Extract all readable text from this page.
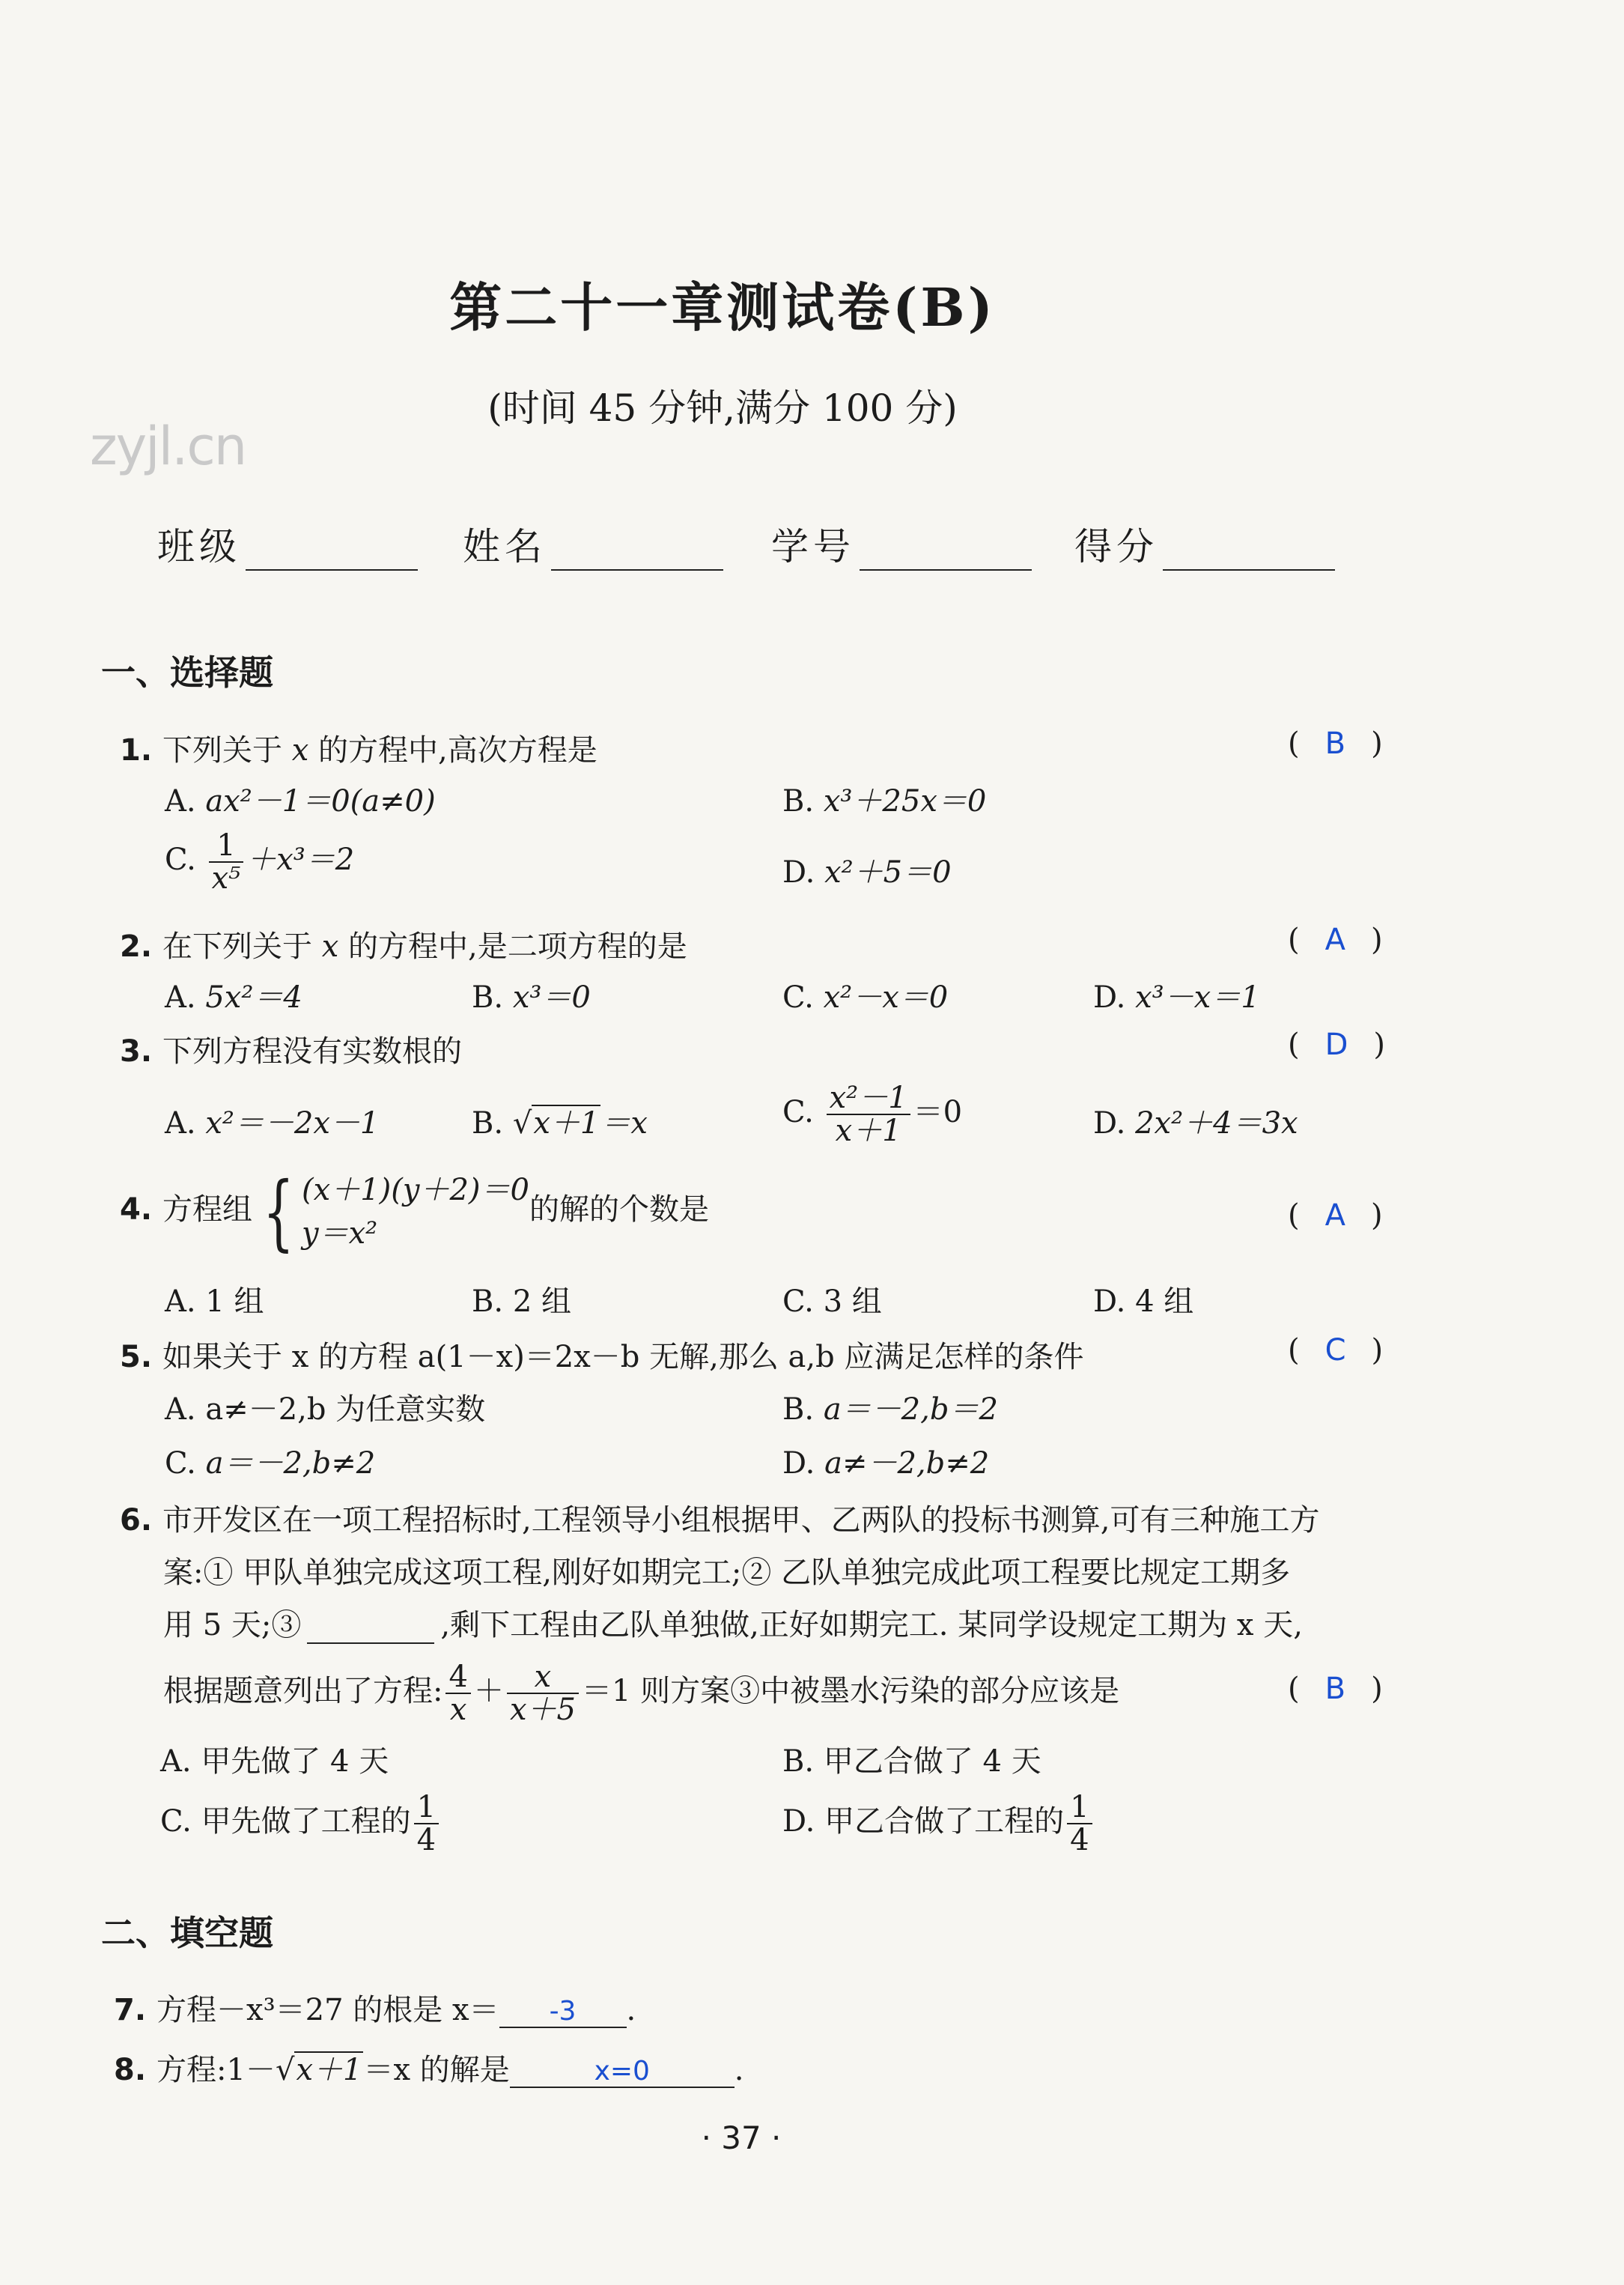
zyjl.cn
第二十一章测试卷(B)
(时间 45 分钟,满分 100 分)
班级	姓名	学号	得分
一、选择题
1. 下列关于 x 的方程中,高次方程是	( B )
A. ax²－1＝0(a≠0)	B. x³＋25x＝0
C. $\frac{1}{\text{x⁵}} +x^3=2$	D. x²＋5＝0
2. 在下列关于 x 的方程中,是二项方程的是	( A )
A. 5x²＝4	B. x³＝0	C. x²－x＝0	D. x³－x＝1
3. 下列方程没有实数根的	( D )
A. x²＝－2x－1	B. √x＋1＝x	C. $\frac{\text{x²－1}}{x+1} =0$	D. 2x²＋4＝3x
4. 方程组 { (x＋1)(y＋2)＝0
y＝x²
的解的个数是	( A )
A. 1 组	B. 2 组	C. 3 组	D. 4 组
5. 如果关于 x 的方程 a(1－x)＝2x－b 无解,那么 a,b 应满足怎样的条件	( C )
A. a≠－2,b 为任意实数	B. a＝－2,b＝2
C. a＝－2,b≠2	D. a≠－2,b≠2
6. 市开发区在一项工程招标时,工程领导小组根据甲、乙两队的投标书测算,可有三种施工方
案:① 甲队单独完成这项工程,刚好如期完工;② 乙队单独完成此项工程要比规定工期多
用 5 天;③	,剩下工程由乙队单独做,正好如期完工. 某同学设规定工期为 x 天,
根据题意列出了方程: $\frac{4}{x} + \frac{x}{x+5} =1$ 则方案③中被墨水污染的部分应该是	( B )
A. 甲先做了 4 天	B. 甲乙合做了 4 天
C. 甲先做了工程的 $\frac{1}{4}$	D. 甲乙合做了工程的 $\frac{1}{4}$
二、填空题
7. 方程－x³＝27 的根是 x＝ -3 .
8. 方程:1－√x＋1＝x 的解是	x=0	.
· 37 ·
